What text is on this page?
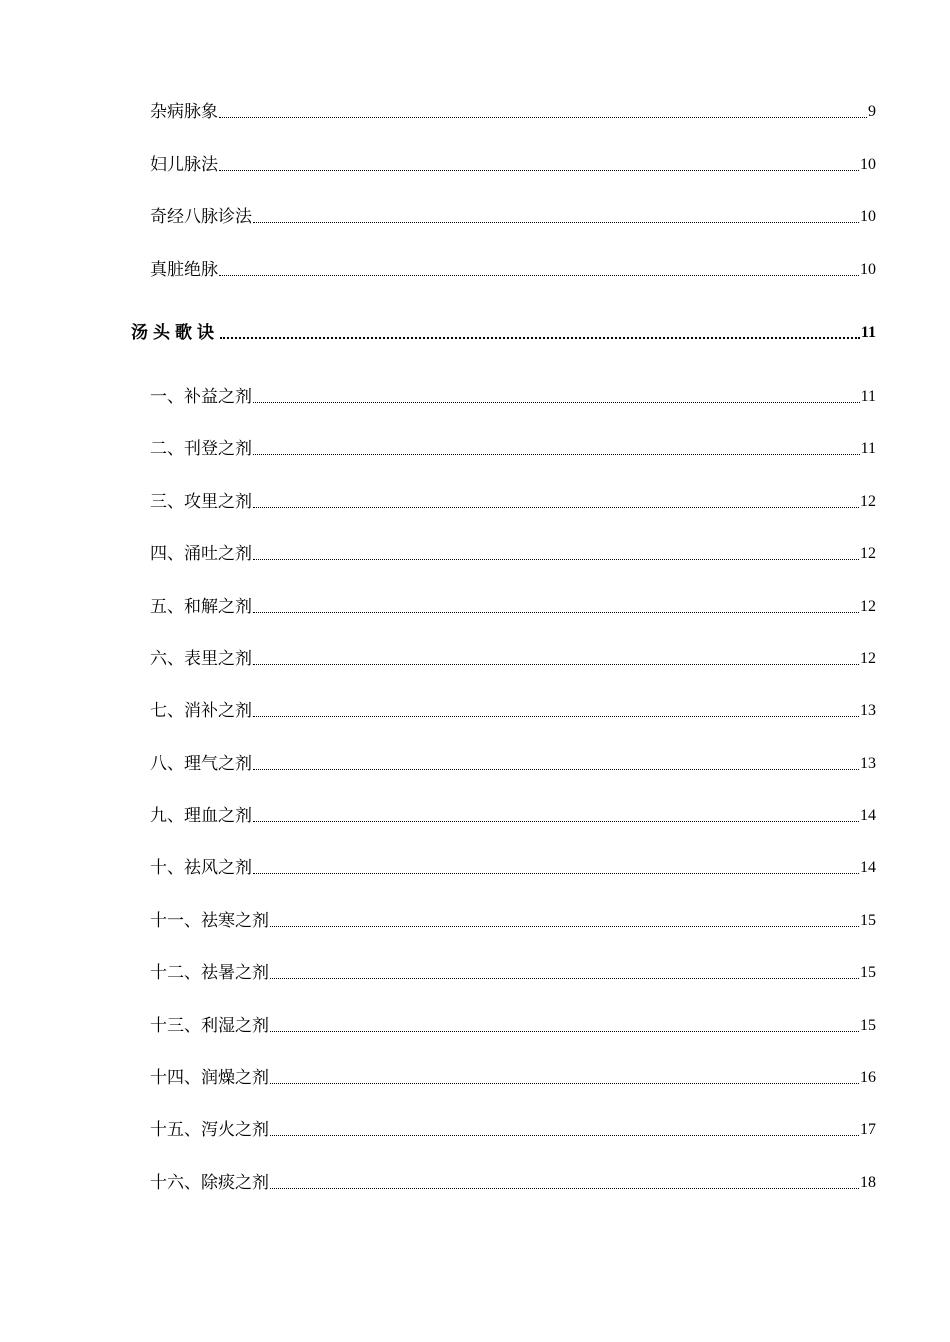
杂病脉象	9
妇儿脉法	10
奇经八脉诊法	10
真脏绝脉	10
汤头歌诀	11
一、补益之剂	11
二、刊登之剂	11
三、攻里之剂	12
四、涌吐之剂	12
五、和解之剂	12
六、表里之剂	12
七、消补之剂	13
八、理气之剂	13
九、理血之剂	14
十、祛风之剂	14
十一、祛寒之剂	15
十二、祛暑之剂	15
十三、利湿之剂	15
十四、润燥之剂	16
十五、泻火之剂	17
十六、除痰之剂	18
